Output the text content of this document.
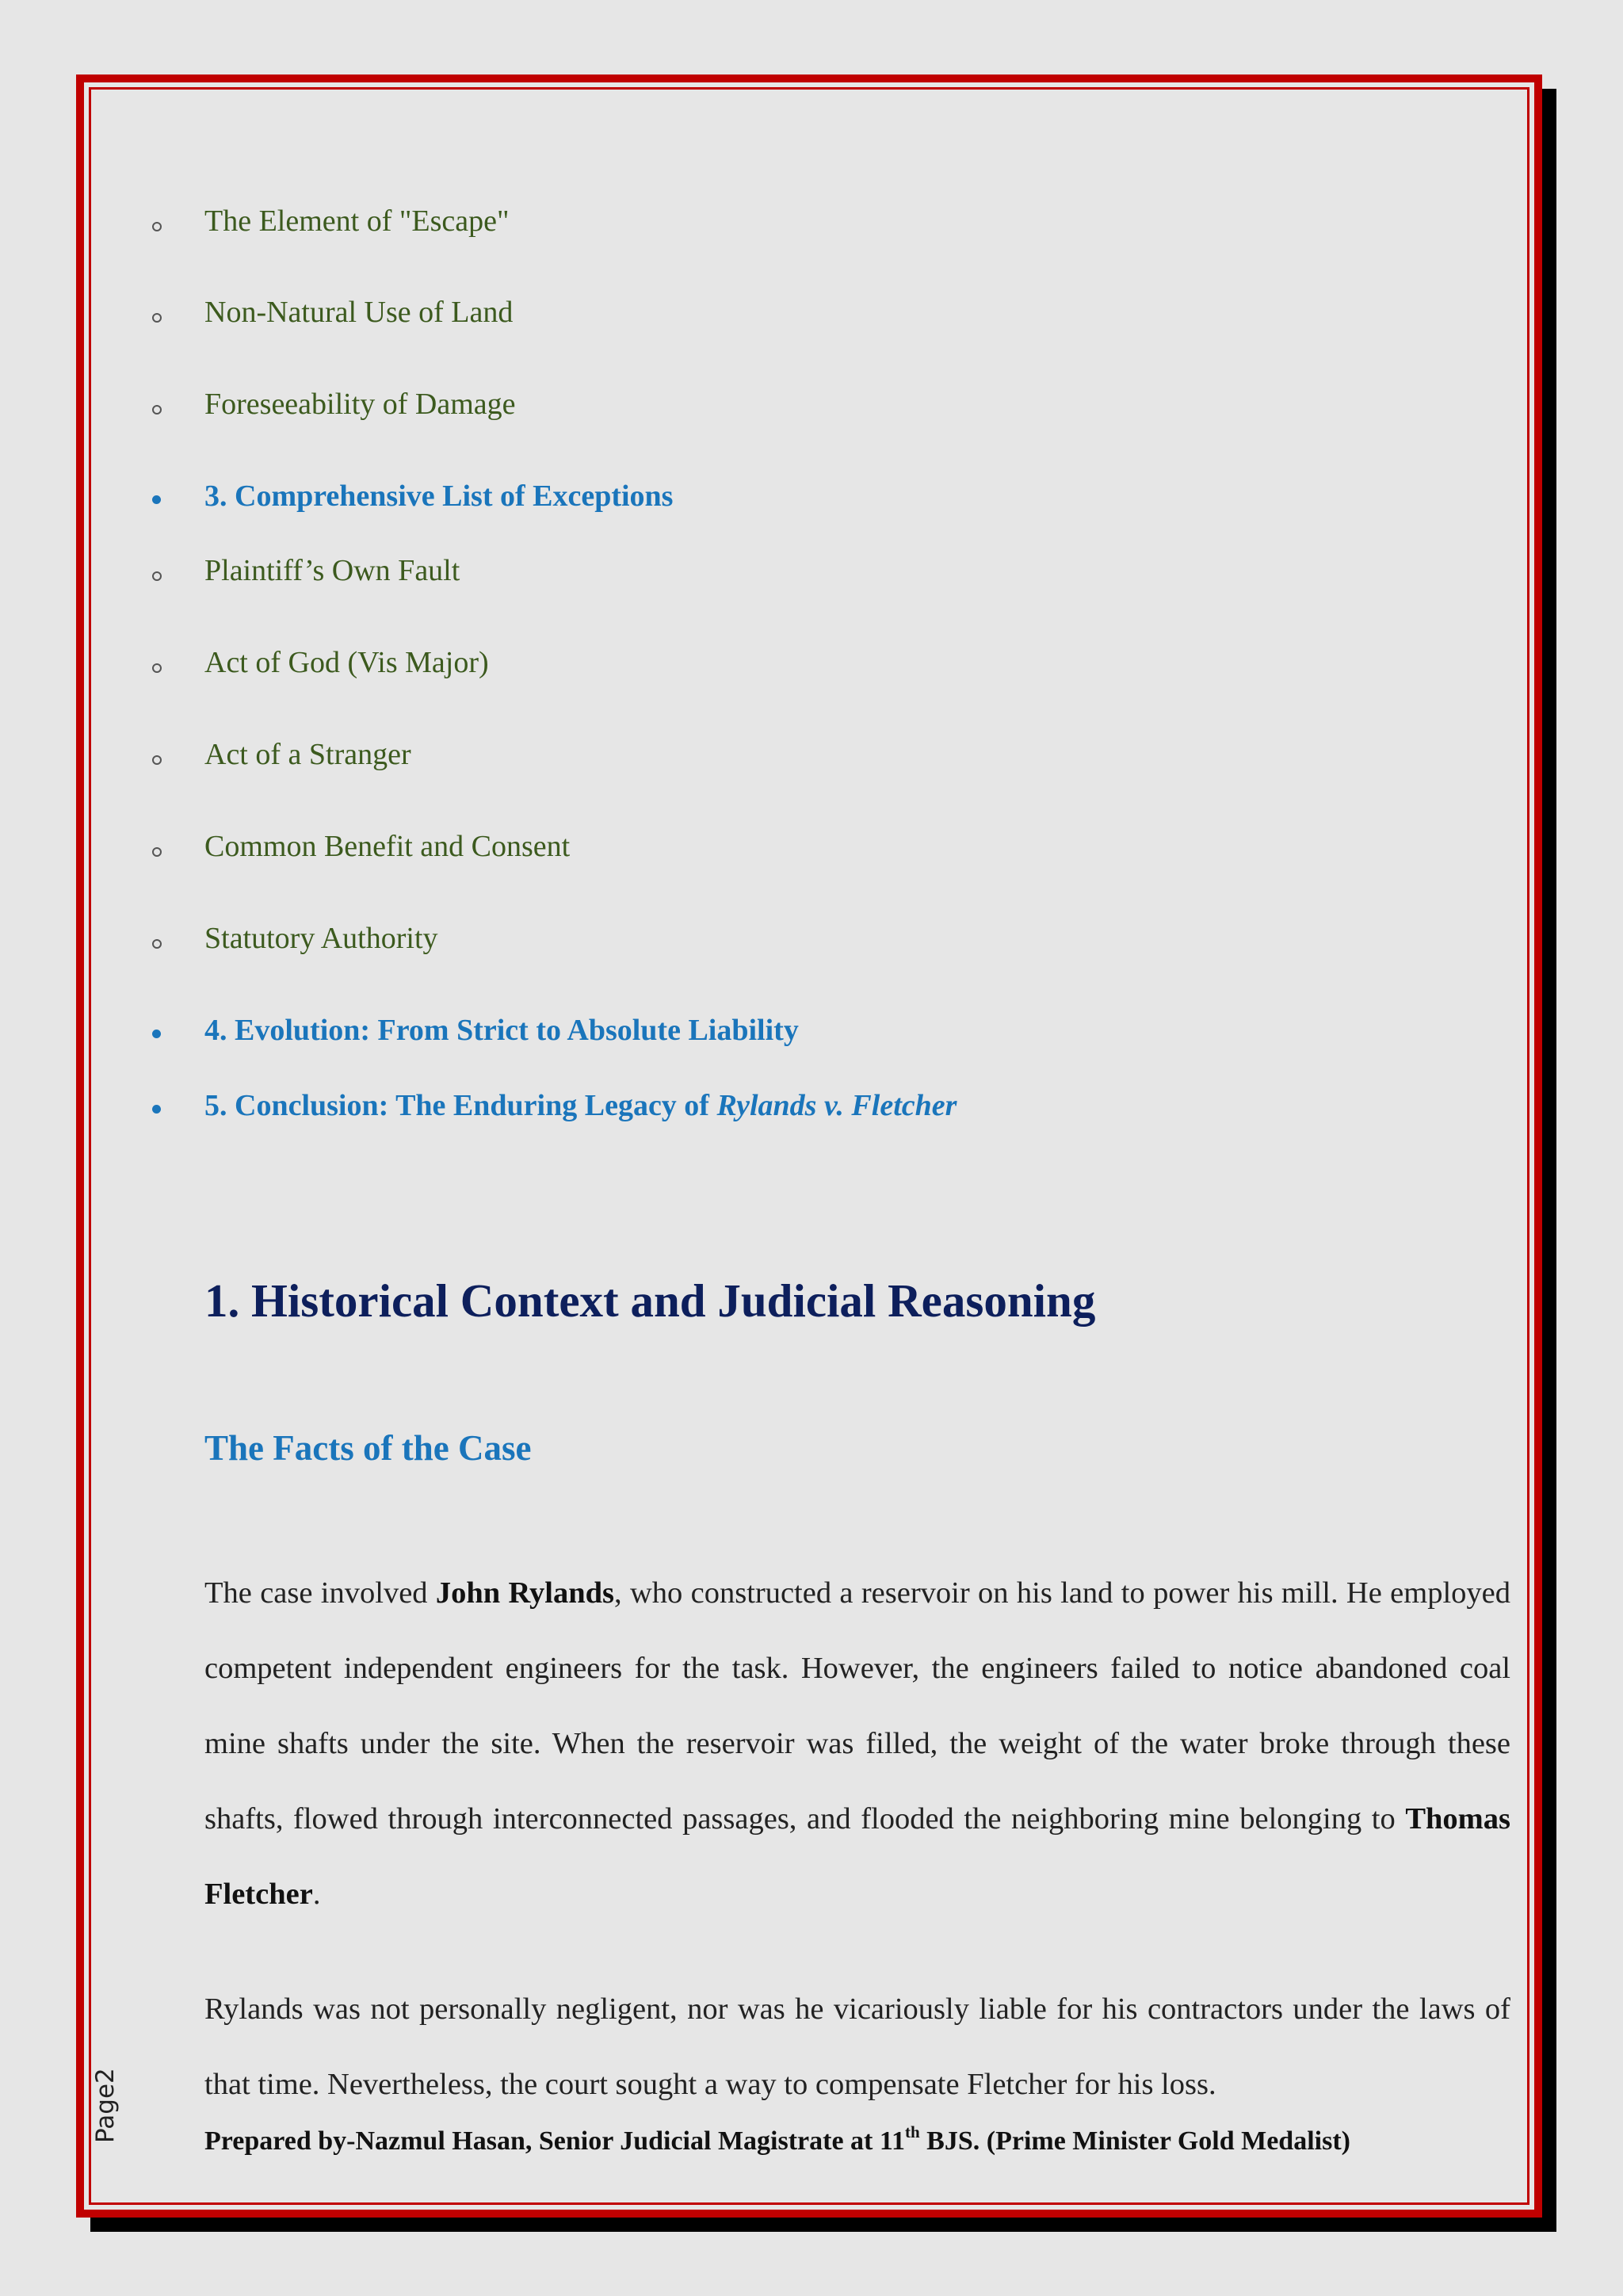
The Element of "Escape"
Non-Natural Use of Land
Foreseeability of Damage
3. Comprehensive List of Exceptions
Plaintiff’s Own Fault
Act of God (Vis Major)
Act of a Stranger
Common Benefit and Consent
Statutory Authority
4. Evolution: From Strict to Absolute Liability
5. Conclusion: The Enduring Legacy of Rylands v. Fletcher
1. Historical Context and Judicial Reasoning
The Facts of the Case

The case involved John Rylands, who constructed a reservoir on his land to power his mill. He employed competent independent engineers for the task. However, the engineers failed to notice abandoned coal mine shafts under the site. When the reservoir was filled, the weight of the water broke through these shafts, flowed through interconnected passages, and flooded the neighboring mine belonging to Thomas Fletcher.

Rylands was not personally negligent, nor was he vicariously liable for his contractors under the laws of that time. Nevertheless, the court sought a way to compensate Fletcher for his loss.

Prepared by-Nazmul Hasan, Senior Judicial Magistrate at 11th BJS. (Prime Minister Gold Medalist)
Page2
